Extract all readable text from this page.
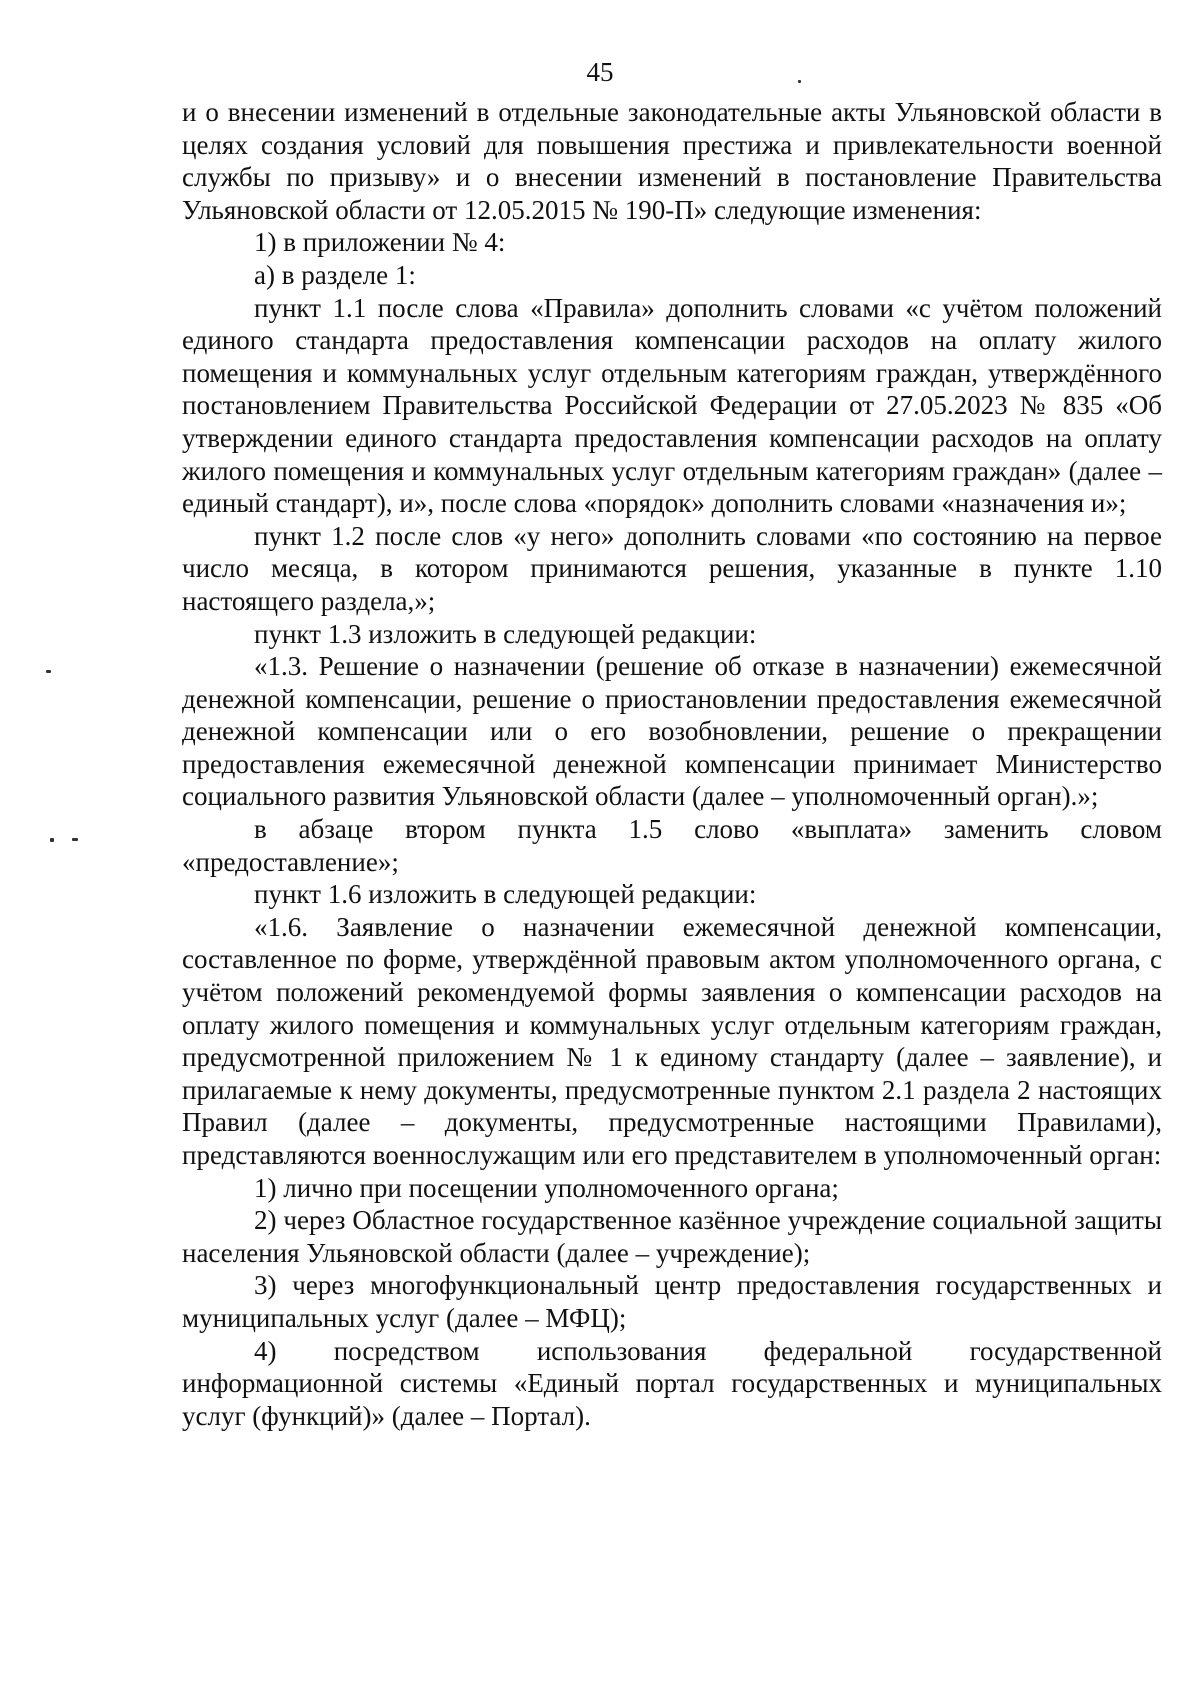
45

и о внесении изменений в отдельные законодательные акты Ульяновской области в целях создания условий для повышения престижа и привлекательности военной службы по призыву» и о внесении изменений в постановление Правительства Ульяновской области от 12.05.2015 № 190-П» следующие изменения:

1) в приложении № 4:

а) в разделе 1:

пункт 1.1 после слова «Правила» дополнить словами «с учётом положений единого стандарта предоставления компенсации расходов на оплату жилого помещения и коммунальных услуг отдельным категориям граждан, утверждённого постановлением Правительства Российской Федерации от 27.05.2023 № 835 «Об утверждении единого стандарта предоставления компенсации расходов на оплату жилого помещения и коммунальных услуг отдельным категориям граждан» (далее – единый стандарт), и», после слова «порядок» дополнить словами «назначения и»;

пункт 1.2 после слов «у него» дополнить словами «по состоянию на первое число месяца, в котором принимаются решения, указанные в пункте 1.10 настоящего раздела,»;

пункт 1.3 изложить в следующей редакции:

«1.3. Решение о назначении (решение об отказе в назначении) ежемесячной денежной компенсации, решение о приостановлении предоставления ежемесячной денежной компенсации или о его возобновлении, решение о прекращении предоставления ежемесячной денежной компенсации принимает Министерство социального развития Ульяновской области (далее – уполномоченный орган).»;

в абзаце втором пункта 1.5 слово «выплата» заменить словом «предоставление»;

пункт 1.6 изложить в следующей редакции:

«1.6. Заявление о назначении ежемесячной денежной компенсации, составленное по форме, утверждённой правовым актом уполномоченного органа, с учётом положений рекомендуемой формы заявления о компенсации расходов на оплату жилого помещения и коммунальных услуг отдельным категориям граждан, предусмотренной приложением № 1 к единому стандарту (далее – заявление), и прилагаемые к нему документы, предусмотренные пунктом 2.1 раздела 2 настоящих Правил (далее – документы, предусмотренные настоящими Правилами), представляются военнослужащим или его представителем в уполномоченный орган:

1) лично при посещении уполномоченного органа;

2) через Областное государственное казённое учреждение социальной защиты населения Ульяновской области (далее – учреждение);

3) через многофункциональный центр предоставления государственных и муниципальных услуг (далее – МФЦ);

4) посредством использования федеральной государственной информационной системы «Единый портал государственных и муниципальных услуг (функций)» (далее – Портал).
